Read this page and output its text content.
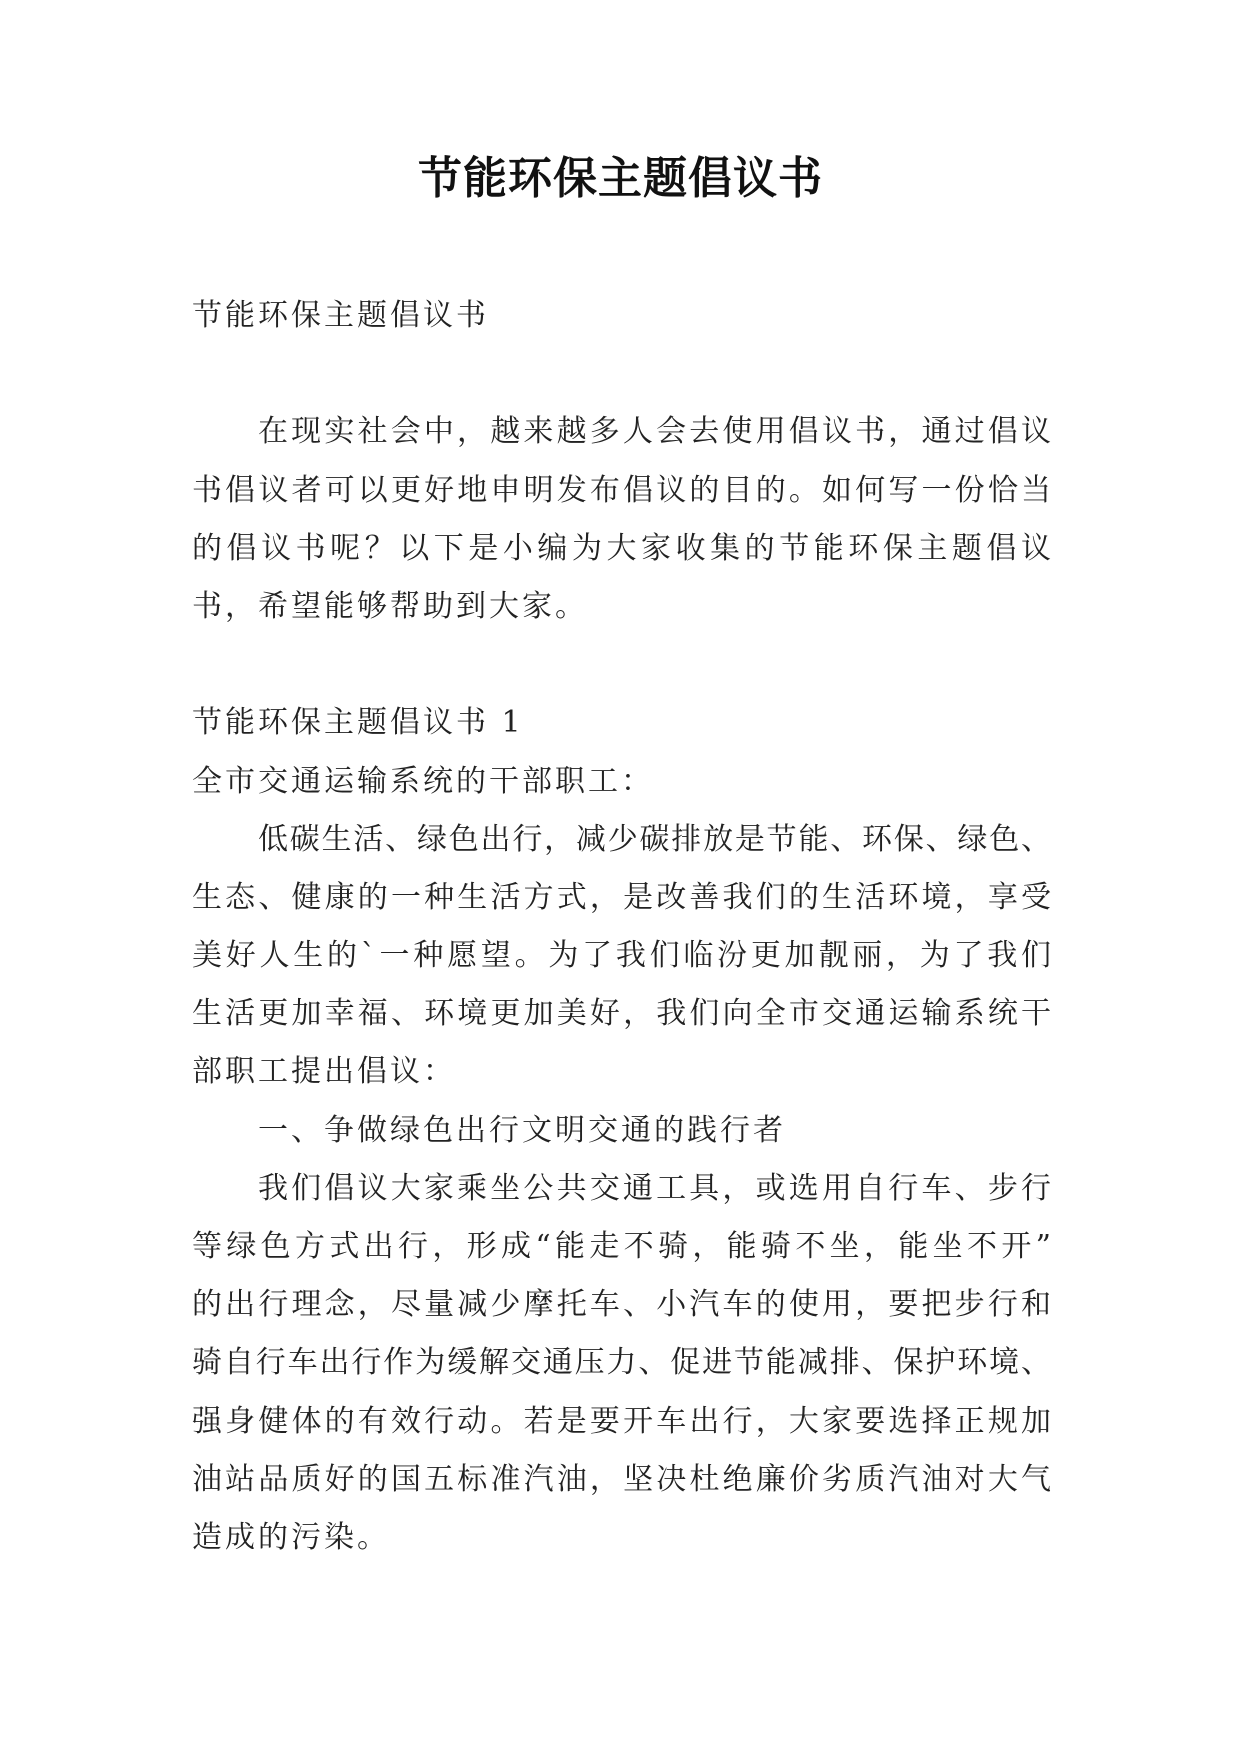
节能环保主题倡议书
节能环保主题倡议书
在现实社会中，越来越多人会去使用倡议书，通过倡议
书倡议者可以更好地申明发布倡议的目的。如何写一份恰当
的倡议书呢？以下是小编为大家收集的节能环保主题倡议
书，希望能够帮助到大家。
节能环保主题倡议书 1
全市交通运输系统的干部职工：
低碳生活、绿色出行，减少碳排放是节能、环保、绿色、
生态、健康的一种生活方式，是改善我们的生活环境，享受
美好人生的`一种愿望。为了我们临汾更加靓丽，为了我们
生活更加幸福、环境更加美好，我们向全市交通运输系统干
部职工提出倡议：
一、争做绿色出行文明交通的践行者
我们倡议大家乘坐公共交通工具，或选用自行车、步行
等绿色方式出行，形成“能走不骑，能骑不坐，能坐不开”
的出行理念，尽量减少摩托车、小汽车的使用，要把步行和
骑自行车出行作为缓解交通压力、促进节能减排、保护环境、
强身健体的有效行动。若是要开车出行，大家要选择正规加
油站品质好的国五标准汽油，坚决杜绝廉价劣质汽油对大气
造成的污染。
